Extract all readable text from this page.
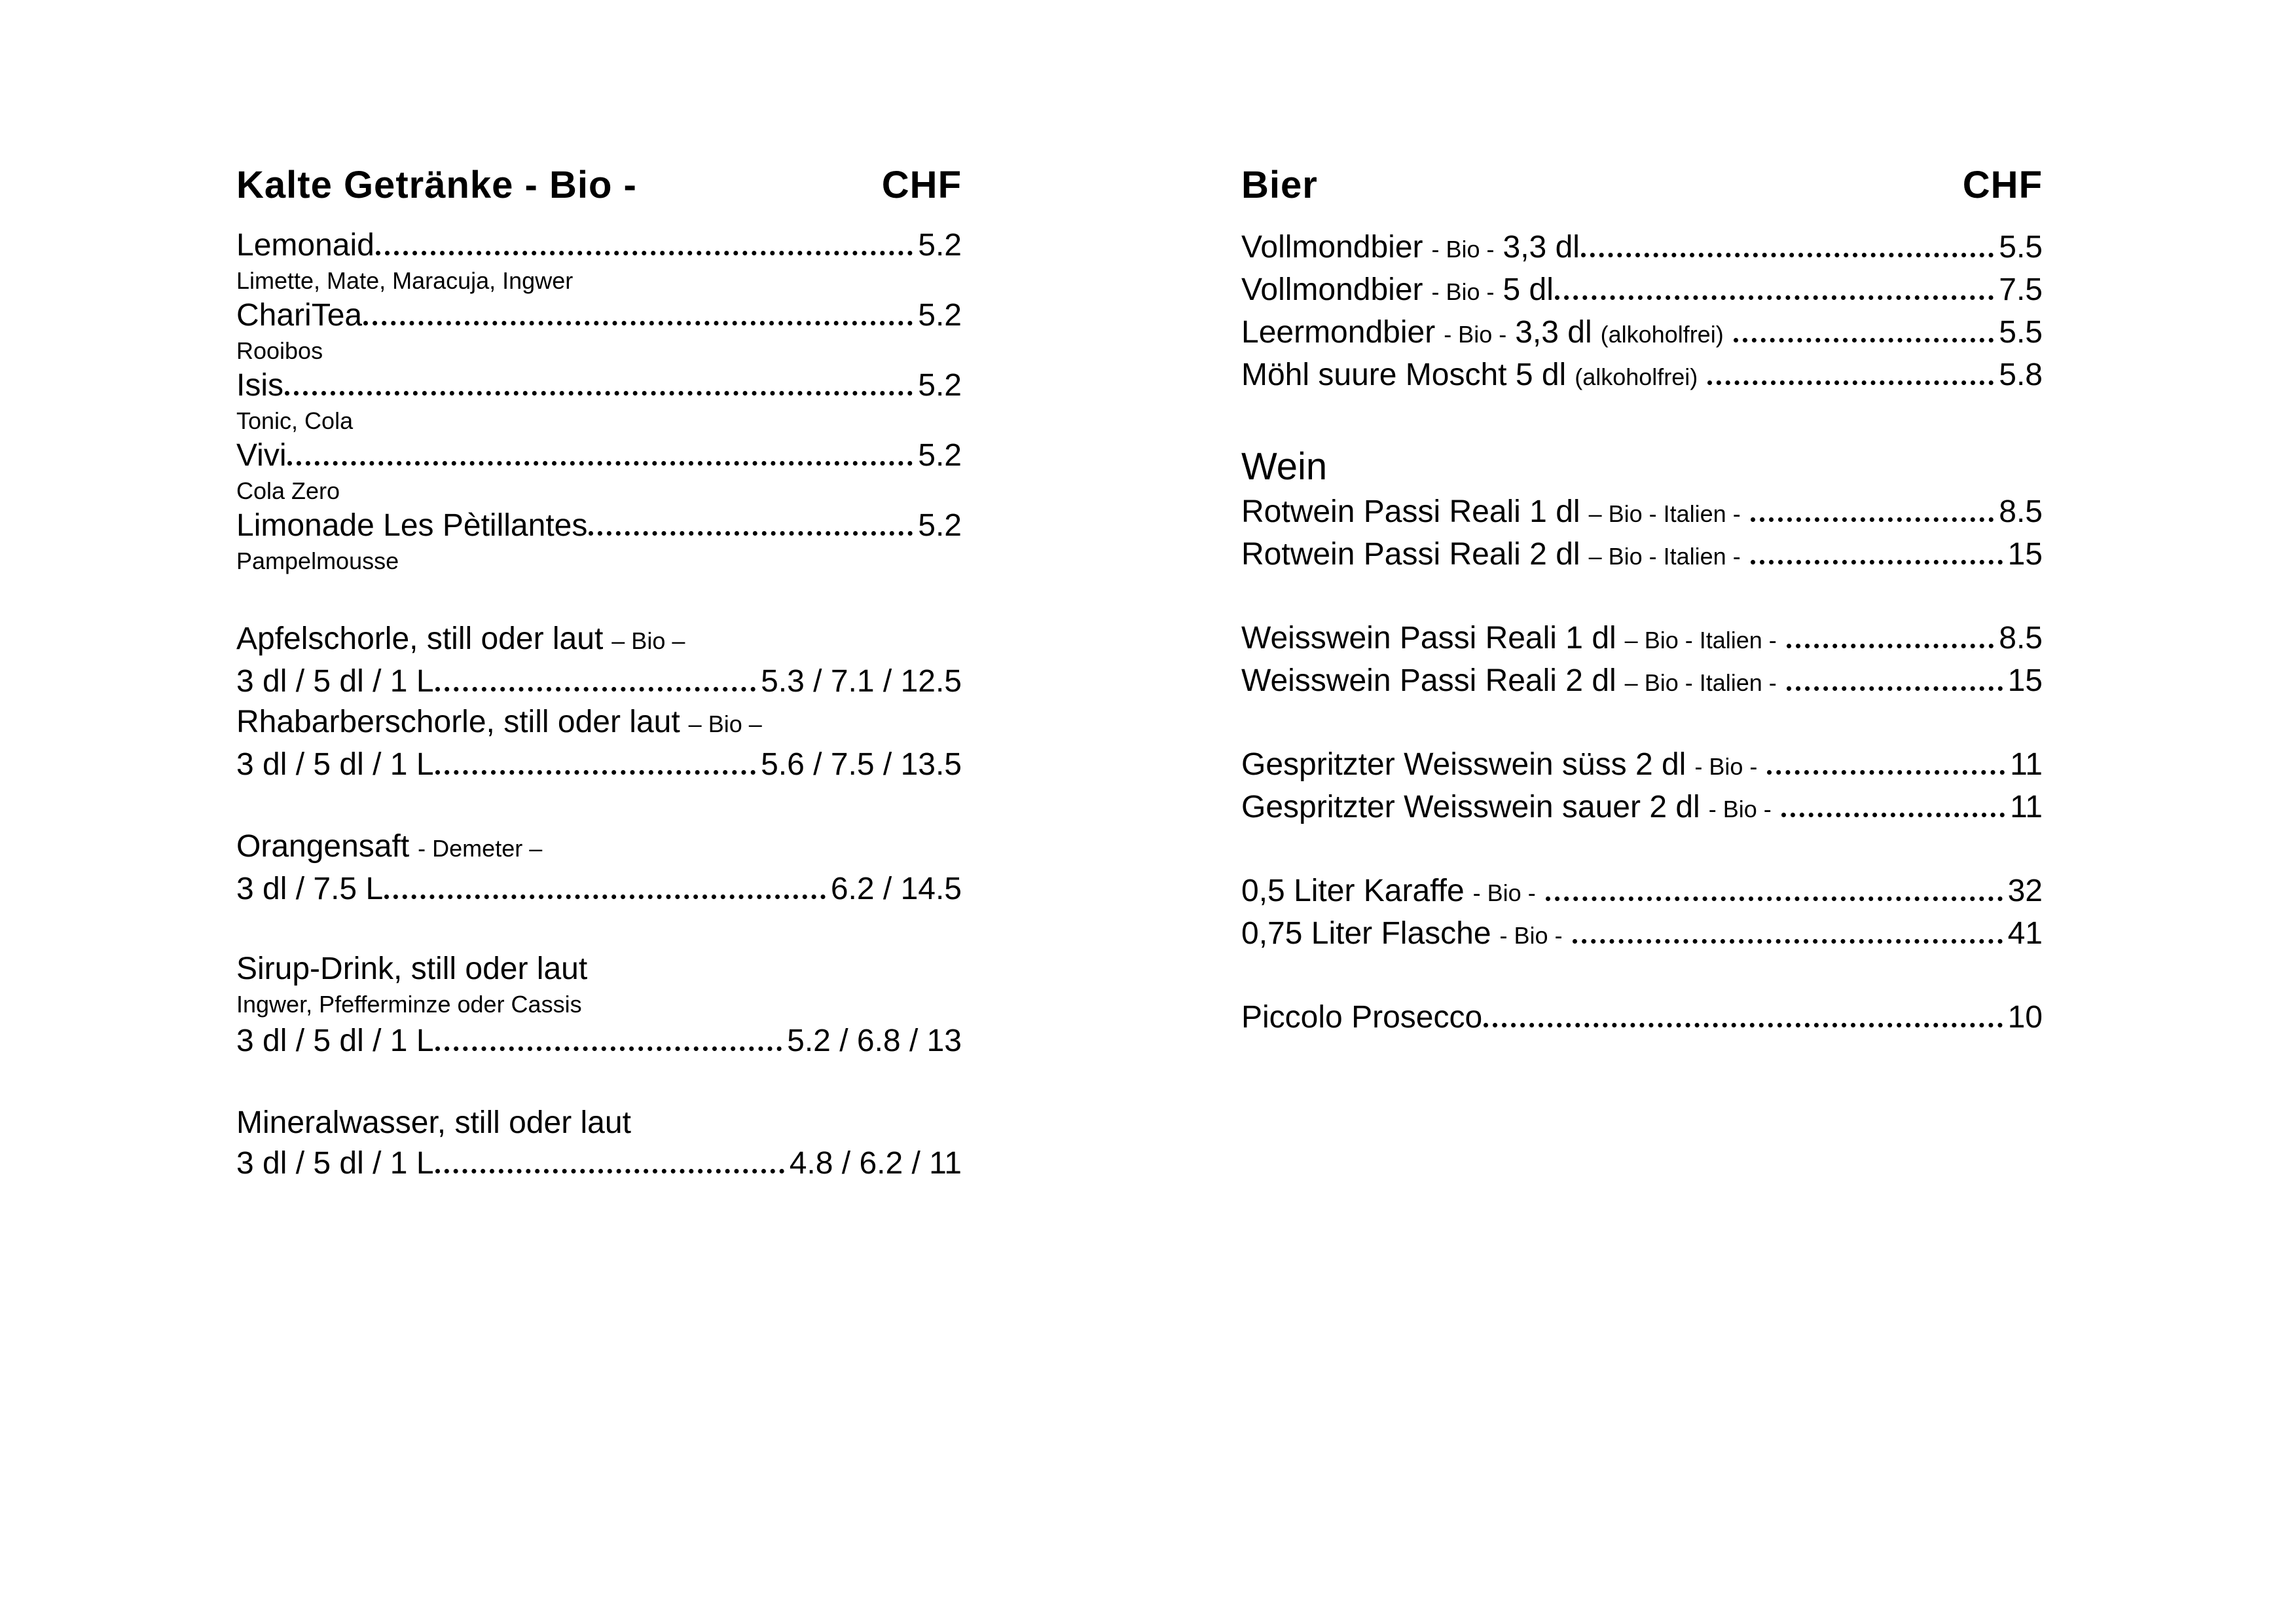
Kalte Getränke - Bio -	CHF
Lemonaid	5.2
Limette, Mate, Maracuja, Ingwer
ChariTea	5.2
Rooibos
Isis	5.2
Tonic, Cola
Vivi	5.2
Cola Zero
Limonade Les Pètillantes	5.2
Pampelmousse
Apfelschorle, still oder laut – Bio –
3 dl / 5 dl / 1 L	5.3 / 7.1 / 12.5
Rhabarberschorle, still oder laut – Bio –
3 dl / 5 dl / 1 L	5.6 / 7.5 / 13.5
Orangensaft - Demeter –
3 dl / 7.5 L	6.2 / 14.5
Sirup-Drink, still oder laut
Ingwer, Pfefferminze oder Cassis
3 dl / 5 dl / 1 L	5.2 / 6.8 / 13
Mineralwasser, still oder laut
3 dl / 5 dl / 1 L	4.8 / 6.2 / 11
Bier	CHF
Vollmondbier - Bio - 3,3 dl	5.5
Vollmondbier - Bio - 5 dl	7.5
Leermondbier - Bio - 3,3 dl (alkoholfrei)	5.5
Möhl suure Moscht 5 dl (alkoholfrei)	5.8
Wein
Rotwein Passi Reali 1 dl – Bio - Italien -	8.5
Rotwein Passi Reali 2 dl – Bio - Italien -	15
Weisswein Passi Reali 1 dl – Bio - Italien -	8.5
Weisswein Passi Reali 2 dl – Bio - Italien -	15
Gespritzter Weisswein süss 2 dl - Bio -	11
Gespritzter Weisswein sauer 2 dl - Bio -	11
0,5 Liter Karaffe - Bio -	32
0,75 Liter Flasche - Bio -	41
Piccolo Prosecco	10
